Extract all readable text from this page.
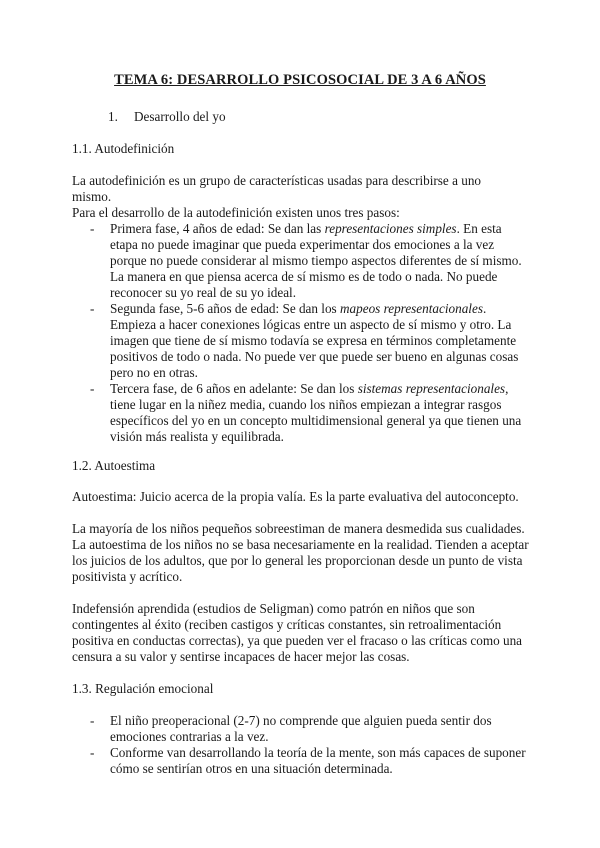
TEMA 6: DESARROLLO PSICOSOCIAL DE 3 A 6 AÑOS
1. Desarrollo del yo
1.1. Autodefinición
La autodefinición es un grupo de características usadas para describirse a uno
mismo.
Para el desarrollo de la autodefinición existen unos tres pasos:
- Primera fase, 4 años de edad: Se dan las representaciones simples. En esta etapa no puede imaginar que pueda experimentar dos emociones a la vez porque no puede considerar al mismo tiempo aspectos diferentes de sí mismo. La manera en que piensa acerca de sí mismo es de todo o nada. No puede reconocer su yo real de su yo ideal.
- Segunda fase, 5-6 años de edad: Se dan los mapeos representacionales. Empieza a hacer conexiones lógicas entre un aspecto de sí mismo y otro. La imagen que tiene de sí mismo todavía se expresa en términos completamente positivos de todo o nada. No puede ver que puede ser bueno en algunas cosas pero no en otras.
- Tercera fase, de 6 años en adelante: Se dan los sistemas representacionales, tiene lugar en la niñez media, cuando los niños empiezan a integrar rasgos específicos del yo en un concepto multidimensional general ya que tienen una visión más realista y equilibrada.
1.2. Autoestima
Autoestima: Juicio acerca de la propia valía. Es la parte evaluativa del autoconcepto.
La mayoría de los niños pequeños sobreestiman de manera desmedida sus cualidades. La autoestima de los niños no se basa necesariamente en la realidad. Tienden a aceptar los juicios de los adultos, que por lo general les proporcionan desde un punto de vista positivista y acrítico.
Indefensión aprendida (estudios de Seligman) como patrón en niños que son contingentes al éxito (reciben castigos y críticas constantes, sin retroalimentación positiva en conductas correctas), ya que pueden ver el fracaso o las críticas como una censura a su valor y sentirse incapaces de hacer mejor las cosas.
1.3. Regulación emocional
- El niño preoperacional (2-7) no comprende que alguien pueda sentir dos emociones contrarias a la vez.
- Conforme van desarrollando la teoría de la mente, son más capaces de suponer cómo se sentirían otros en una situación determinada.
